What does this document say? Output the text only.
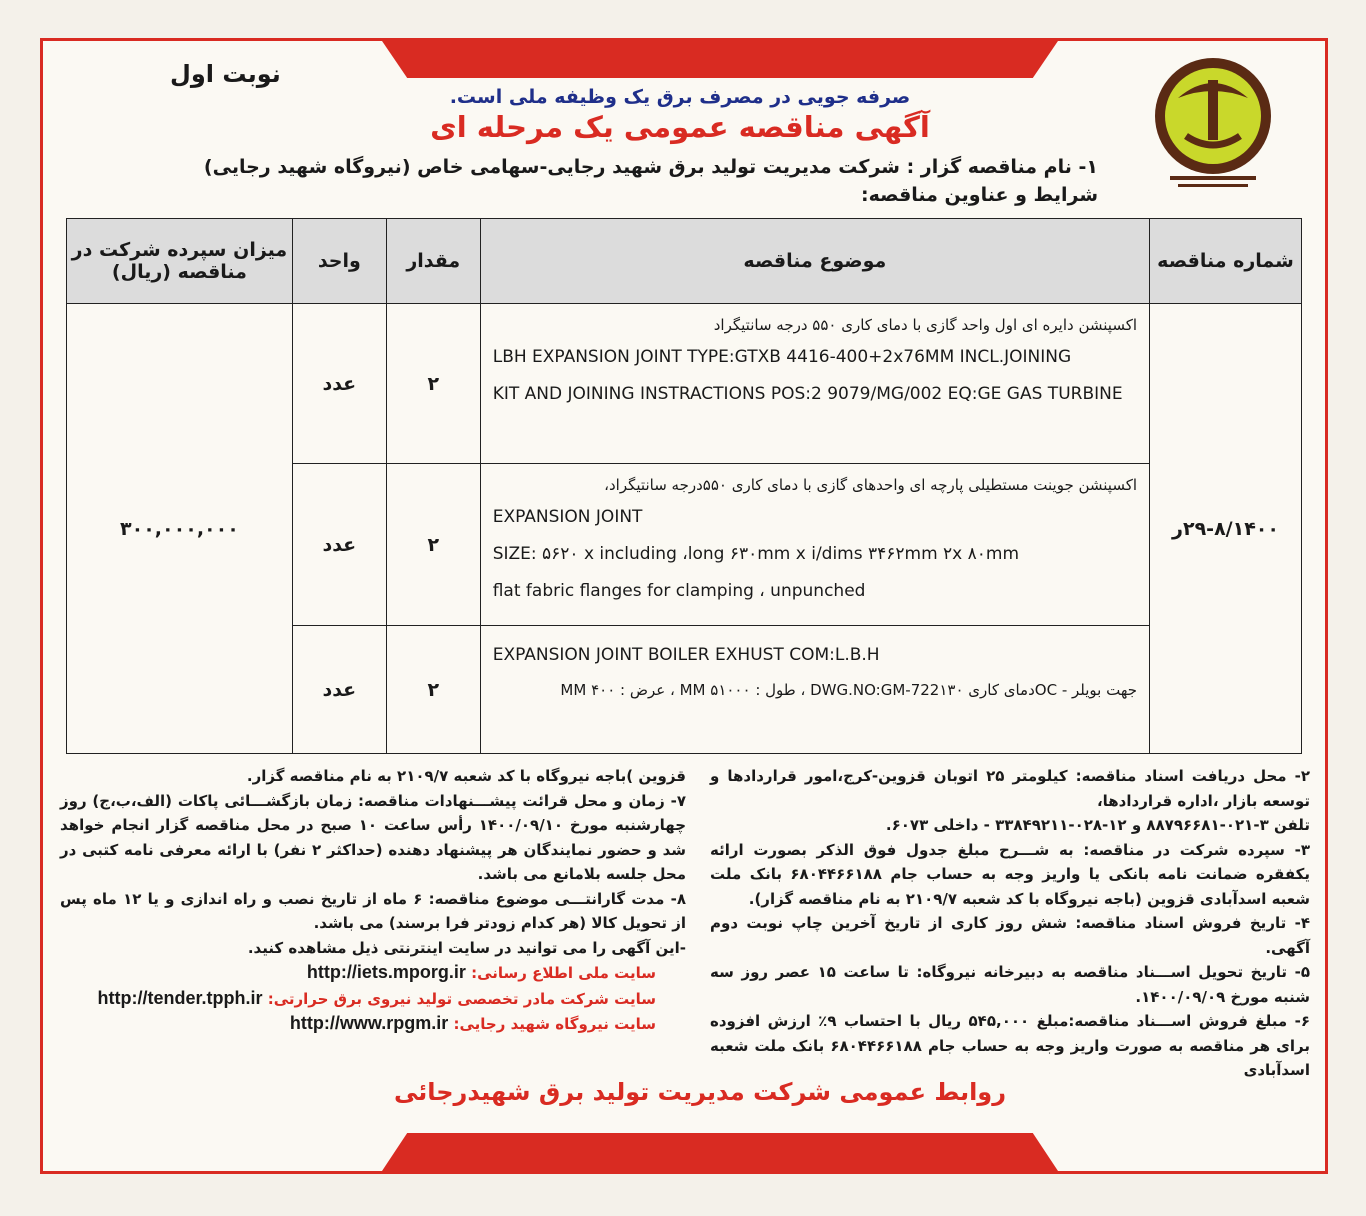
نوبت اول
صرفه جویی در مصرف برق یک وظیفه ملی است.
آگهی مناقصه عمومی یک مرحله ای
۱- نام مناقصه گزار : شرکت مدیریت تولید برق شهید رجایی-سهامی خاص (نیروگاه شهید رجایی)
شرایط و عناوین مناقصه:
میزان سپرده شرکت در مناقصه (ریال)	واحد	مقدار	موضوع مناقصه	شماره مناقصه
۳۰۰,۰۰۰,۰۰۰	عدد	۲	اکسپنشن دایره ای اول واحد گازی با دمای کاری ۵۵۰ درجه سانتیگراد
LBH EXPANSION JOINT TYPE:GTXB 4416-400+2x76MM INCL.JOINING
KIT AND JOINING INSTRACTIONS POS:2 9079/MG/002 EQ:GE GAS TURBINE	۲۹-۸/۱۴۰۰ر
	عدد	۲	اکسپنشن جوینت مستطیلی پارچه ای واحدهای گازی با دمای کاری ۵۵۰درجه سانتیگراد،
EXPANSION JOINT
SIZE: ۵۶۲۰ x including ،long ۶۳۰mm x i/dims ۳۴۶۲mm ۲x ۸۰mm
flat fabric flanges for clamping ، unpunched	

	عدد	۲	EXPANSION JOINT BOILER EXHUST COM:L.B.H
جهت بویلر - OCدمای کاری DWG.NO:GM-722۱۳۰ ، طول : ۵۱۰۰۰ MM ، عرض : ۴۰۰ MM	

۲- محل دریافت اسناد مناقصه: کیلومتر ۲۵ اتوبان قزوین-کرج،امور قراردادها و توسعه بازار ،اداره قراردادها،

تلفن ۳-۰۲۱-۸۸۷۹۶۶۸۱ و ۱۲-۰۲۸-۳۳۸۴۹۲۱۱ - داخلی ۶۰۷۳.

۳- سپرده شرکت در مناقصه: به شـــرح مبلغ جدول فوق الذکر بصورت ارائه یکفقره ضمانت نامه بانکی یا واریز وجه به حساب جام ۶۸۰۴۴۶۶۱۸۸ بانک ملت شعبه اسدآبادی قزوین (باجه نیروگاه با کد شعبه ۲۱۰۹/۷ به نام مناقصه گزار).

۴- تاریخ فروش اسناد مناقصه: شش روز کاری از تاریخ آخرین چاپ نوبت دوم آگهی.

۵- تاریخ تحویل اســـناد مناقصه به دبیرخانه نیروگاه: تا ساعت ۱۵ عصر روز سه شنبه مورخ ۱۴۰۰/۰۹/۰۹.

۶- مبلغ فروش اســـناد مناقصه:مبلغ ۵۴۵,۰۰۰ ریال با احتساب ۹٪ ارزش افزوده برای هر مناقصه به صورت واریز وجه به حساب جام ۶۸۰۴۴۶۶۱۸۸ بانک ملت شعبه اسدآبادی

قزوین )باجه نیروگاه با کد شعبه ۲۱۰۹/۷ به نام مناقصه گزار.

۷- زمان و محل قرائت پیشـــنهادات مناقصه: زمان بازگشـــائی پاکات (الف،ب،ج) روز چهارشنبه مورخ ۱۴۰۰/۰۹/۱۰ رأس ساعت ۱۰ صبح در محل مناقصه گزار انجام خواهد شد و حضور نمایندگان هر پیشنهاد دهنده (حداکثر ۲ نفر) با ارائه معرفی نامه کتبی در محل جلسه بلامانع می باشد.

۸- مدت گارانتـــی موضوع مناقصه: ۶ ماه از تاریخ نصب و راه اندازی و یا ۱۲ ماه پس از تحویل کالا (هر کدام زودتر فرا برسند) می باشد.

-این آگهی را می توانید در سایت اینترنتی ذیل مشاهده کنید.

سایت ملی اطلاع رسانی: http://iets.mporg.ir

سایت شرکت مادر تخصصی تولید نیروی برق حرارتی: http://tender.tpph.ir

سایت نیروگاه شهید رجایی: http://www.rpgm.ir

روابط عمومی شرکت مدیریت تولید برق شهیدرجائی
